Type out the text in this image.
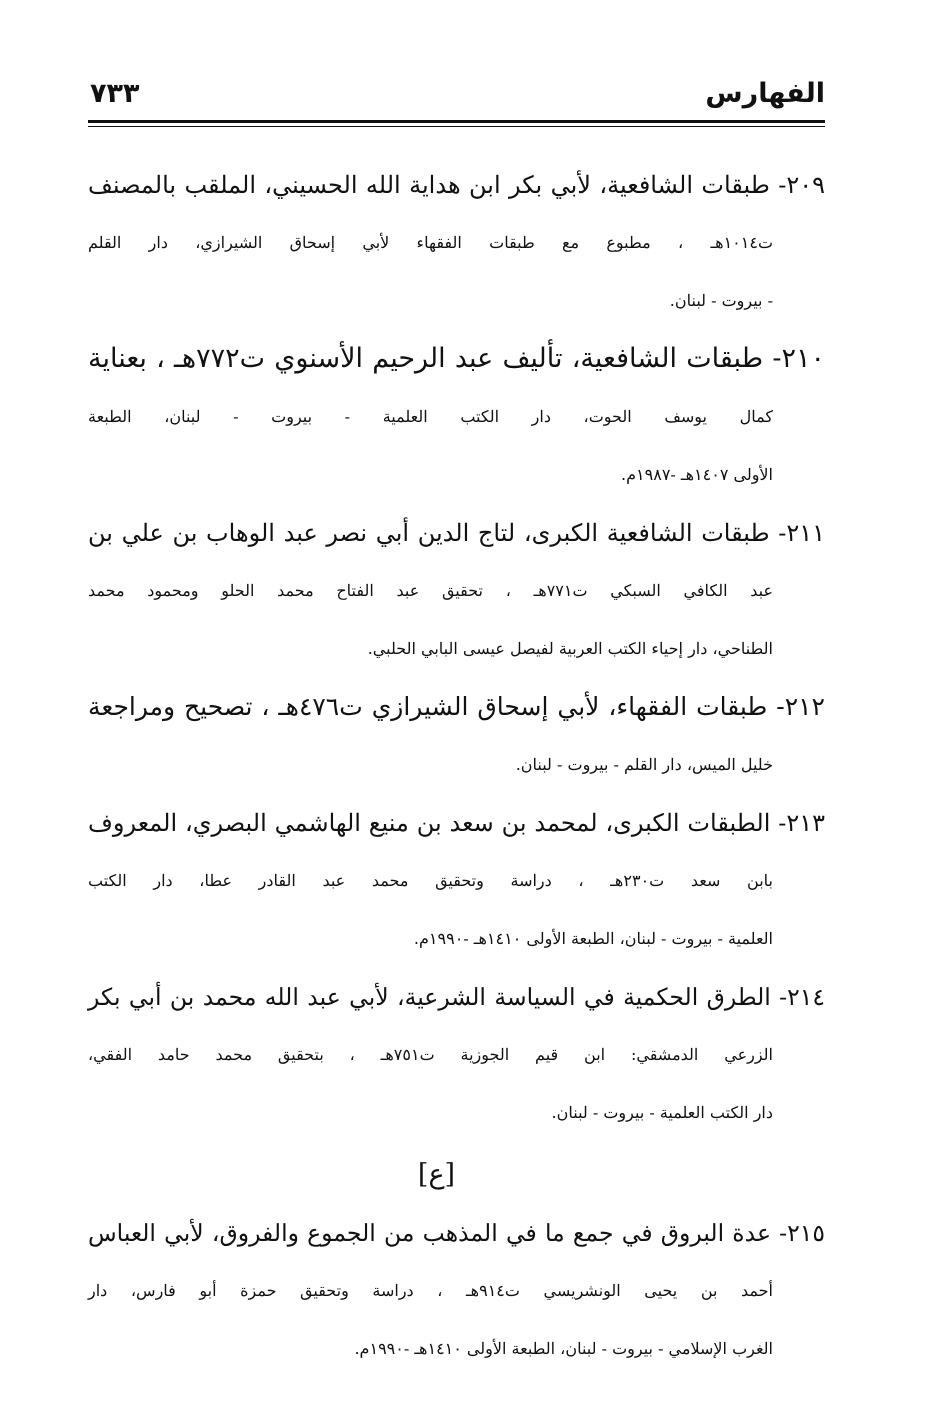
الفهارس
٧٣٣
٢٠٩- طبقات الشافعية، لأبي بكر ابن هداية الله الحسيني، الملقب بالمصنف
ت١٠١٤هـ ، مطبوع مع طبقات الفقهاء لأبي إسحاق الشيرازي، دار القلم
- بيروت - لبنان.
٢١٠- طبقات الشافعية، تأليف عبد الرحيم الأسنوي ت٧٧٢هـ ، بعناية
كمال يوسف الحوت، دار الكتب العلمية - بيروت - لبنان، الطبعة
الأولى ١٤٠٧هـ -١٩٨٧م.
٢١١- طبقات الشافعية الكبرى، لتاج الدين أبي نصر عبد الوهاب بن علي بن
عبد الكافي السبكي ت٧٧١هـ ، تحقيق عبد الفتاح محمد الحلو ومحمود محمد
الطناحي، دار إحياء الكتب العربية لفيصل عيسى البابي الحلبي.
٢١٢- طبقات الفقهاء، لأبي إسحاق الشيرازي ت٤٧٦هـ ، تصحيح ومراجعة
خليل الميس، دار القلم - بيروت - لبنان.
٢١٣- الطبقات الكبرى، لمحمد بن سعد بن منيع الهاشمي البصري، المعروف
بابن سعد ت٢٣٠هـ ، دراسة وتحقيق محمد عبد القادر عطا، دار الكتب
العلمية - بيروت - لبنان، الطبعة الأولى ١٤١٠هـ -١٩٩٠م.
٢١٤- الطرق الحكمية في السياسة الشرعية، لأبي عبد الله محمد بن أبي بكر
الزرعي الدمشقي: ابن قيم الجوزية ت٧٥١هـ ، بتحقيق محمد حامد الفقي،
دار الكتب العلمية - بيروت - لبنان.
[ع]
٢١٥- عدة البروق في جمع ما في المذهب من الجموع والفروق، لأبي العباس
أحمد بن يحيى الونشريسي ت٩١٤هـ ، دراسة وتحقيق حمزة أبو فارس، دار
الغرب الإسلامي - بيروت - لبنان، الطبعة الأولى ١٤١٠هـ -١٩٩٠م.
